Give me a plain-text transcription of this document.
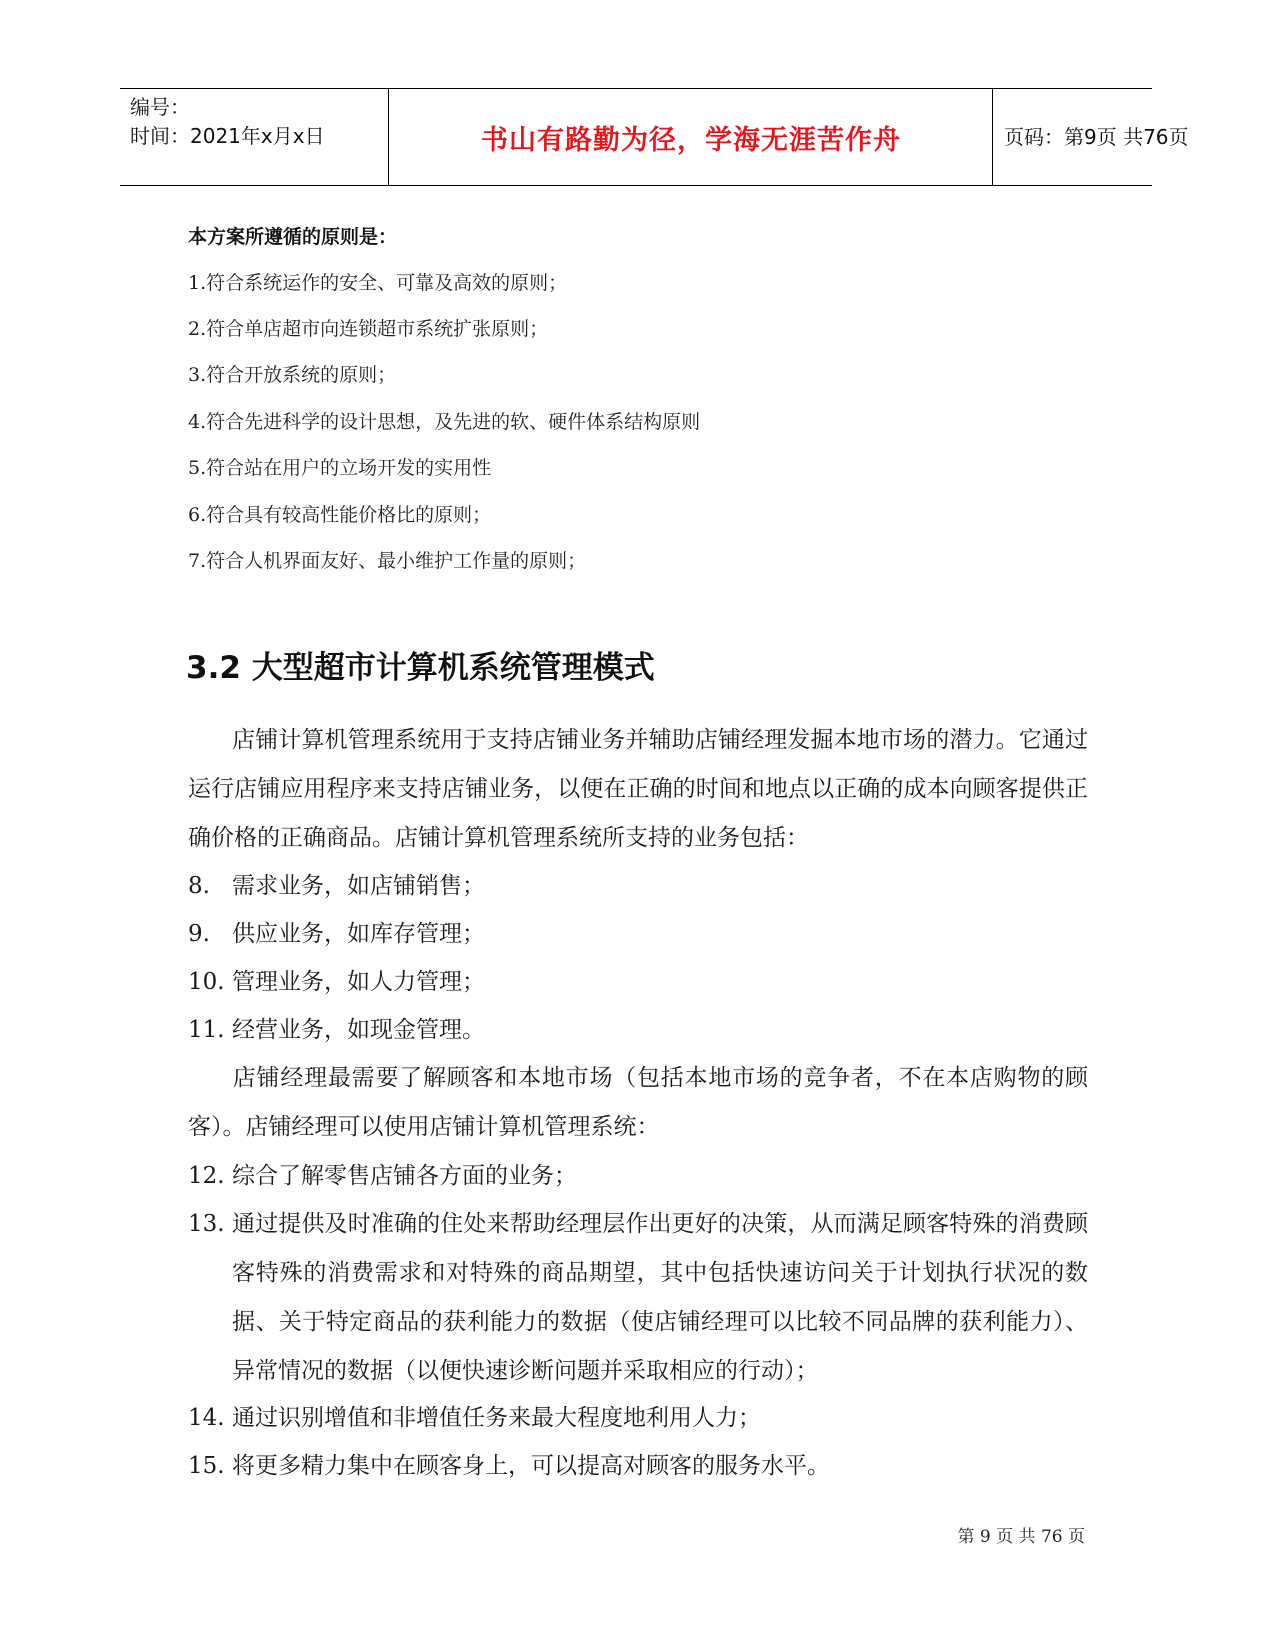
编号：
时间：2021年x月x日	书山有路勤为径，学海无涯苦作舟	页码：第9页 共76页
本方案所遵循的原则是：
1.符合系统运作的安全、可靠及高效的原则；
2.符合单店超市向连锁超市系统扩张原则；
3.符合开放系统的原则；
4.符合先进科学的设计思想，及先进的软、硬件体系结构原则
5.符合站在用户的立场开发的实用性
6.符合具有较高性能价格比的原则；
7.符合人机界面友好、最小维护工作量的原则；
3.2 大型超市计算机系统管理模式
店铺计算机管理系统用于支持店铺业务并辅助店铺经理发掘本地市场的潜力。它通过运行店铺应用程序来支持店铺业务，以便在正确的时间和地点以正确的成本向顾客提供正确价格的正确商品。店铺计算机管理系统所支持的业务包括：
8. 需求业务，如店铺销售；
9. 供应业务，如库存管理；
10. 管理业务，如人力管理；
11. 经营业务，如现金管理。
店铺经理最需要了解顾客和本地市场（包括本地市场的竞争者，不在本店购物的顾客）。店铺经理可以使用店铺计算机管理系统：
12. 综合了解零售店铺各方面的业务；
13. 通过提供及时准确的住处来帮助经理层作出更好的决策，从而满足顾客特殊的消费顾客特殊的消费需求和对特殊的商品期望，其中包括快速访问关于计划执行状况的数据、关于特定商品的获利能力的数据（使店铺经理可以比较不同品牌的获利能力）、异常情况的数据（以便快速诊断问题并采取相应的行动）；
14. 通过识别增值和非增值任务来最大程度地利用人力；
15. 将更多精力集中在顾客身上，可以提高对顾客的服务水平。
第 9 页 共 76 页
